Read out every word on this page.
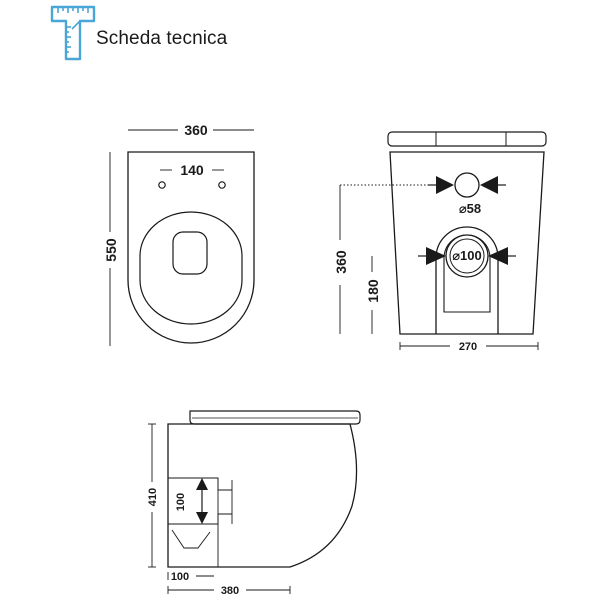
Scheda tecnica
360
140
550
⌀58
⌀100
360
180
270
100
410
100
380
